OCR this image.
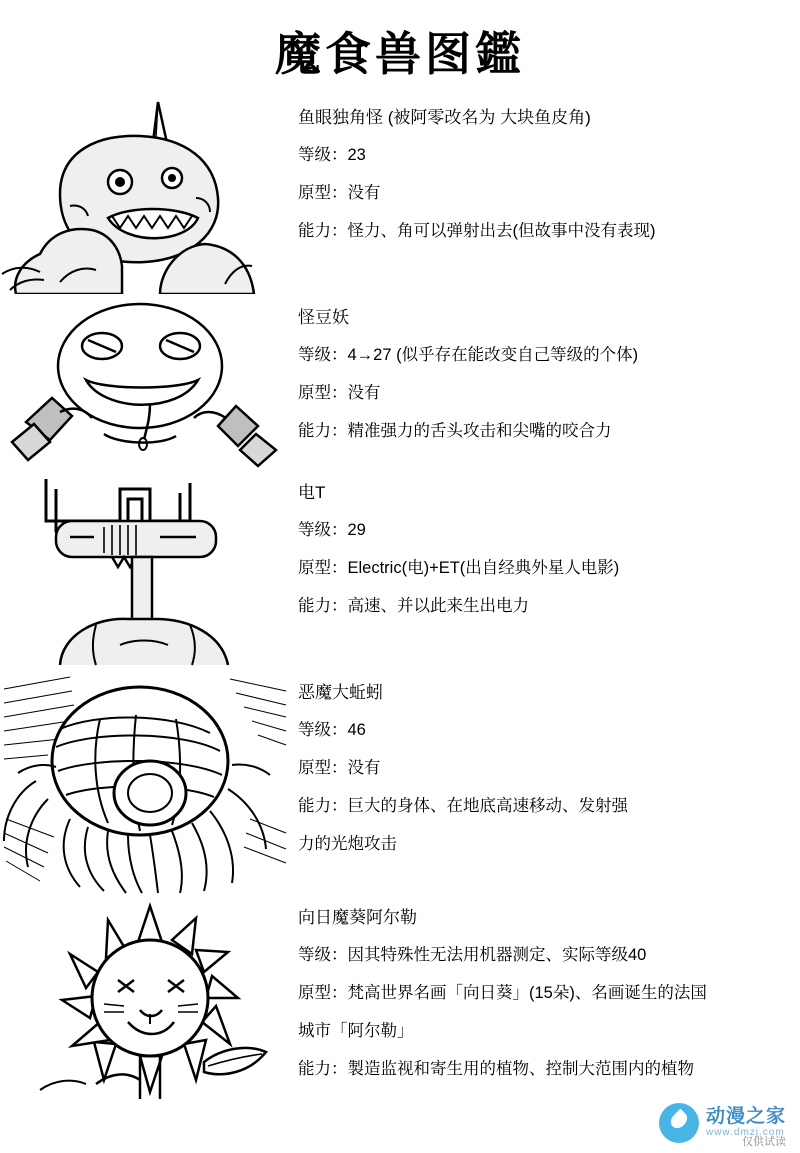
魔食兽图鑑
鱼眼独角怪 (被阿零改名为 大块鱼皮角)
等级：23
原型：没有
能力：怪力、角可以弹射出去(但故事中没有表现)
怪豆妖
等级：4→27 (似乎存在能改变自己等级的个体)
原型：没有
能力：精准强力的舌头攻击和尖嘴的咬合力
电T
等级：29
原型：Electric(电)+ET(出自经典外星人电影)
能力：高速、并以此来生出电力
恶魔大蚯蚓
等级：46
原型：没有
能力：巨大的身体、在地底高速移动、发射强
力的光炮攻击
向日魔葵阿尔勒
等级：因其特殊性无法用机器测定、实际等级40
原型：梵高世界名画「向日葵」(15朵)、名画诞生的法国
城市「阿尔勒」
能力：製造监视和寄生用的植物、控制大范围内的植物
动漫之家
www.dmzj.com
仅供试读
